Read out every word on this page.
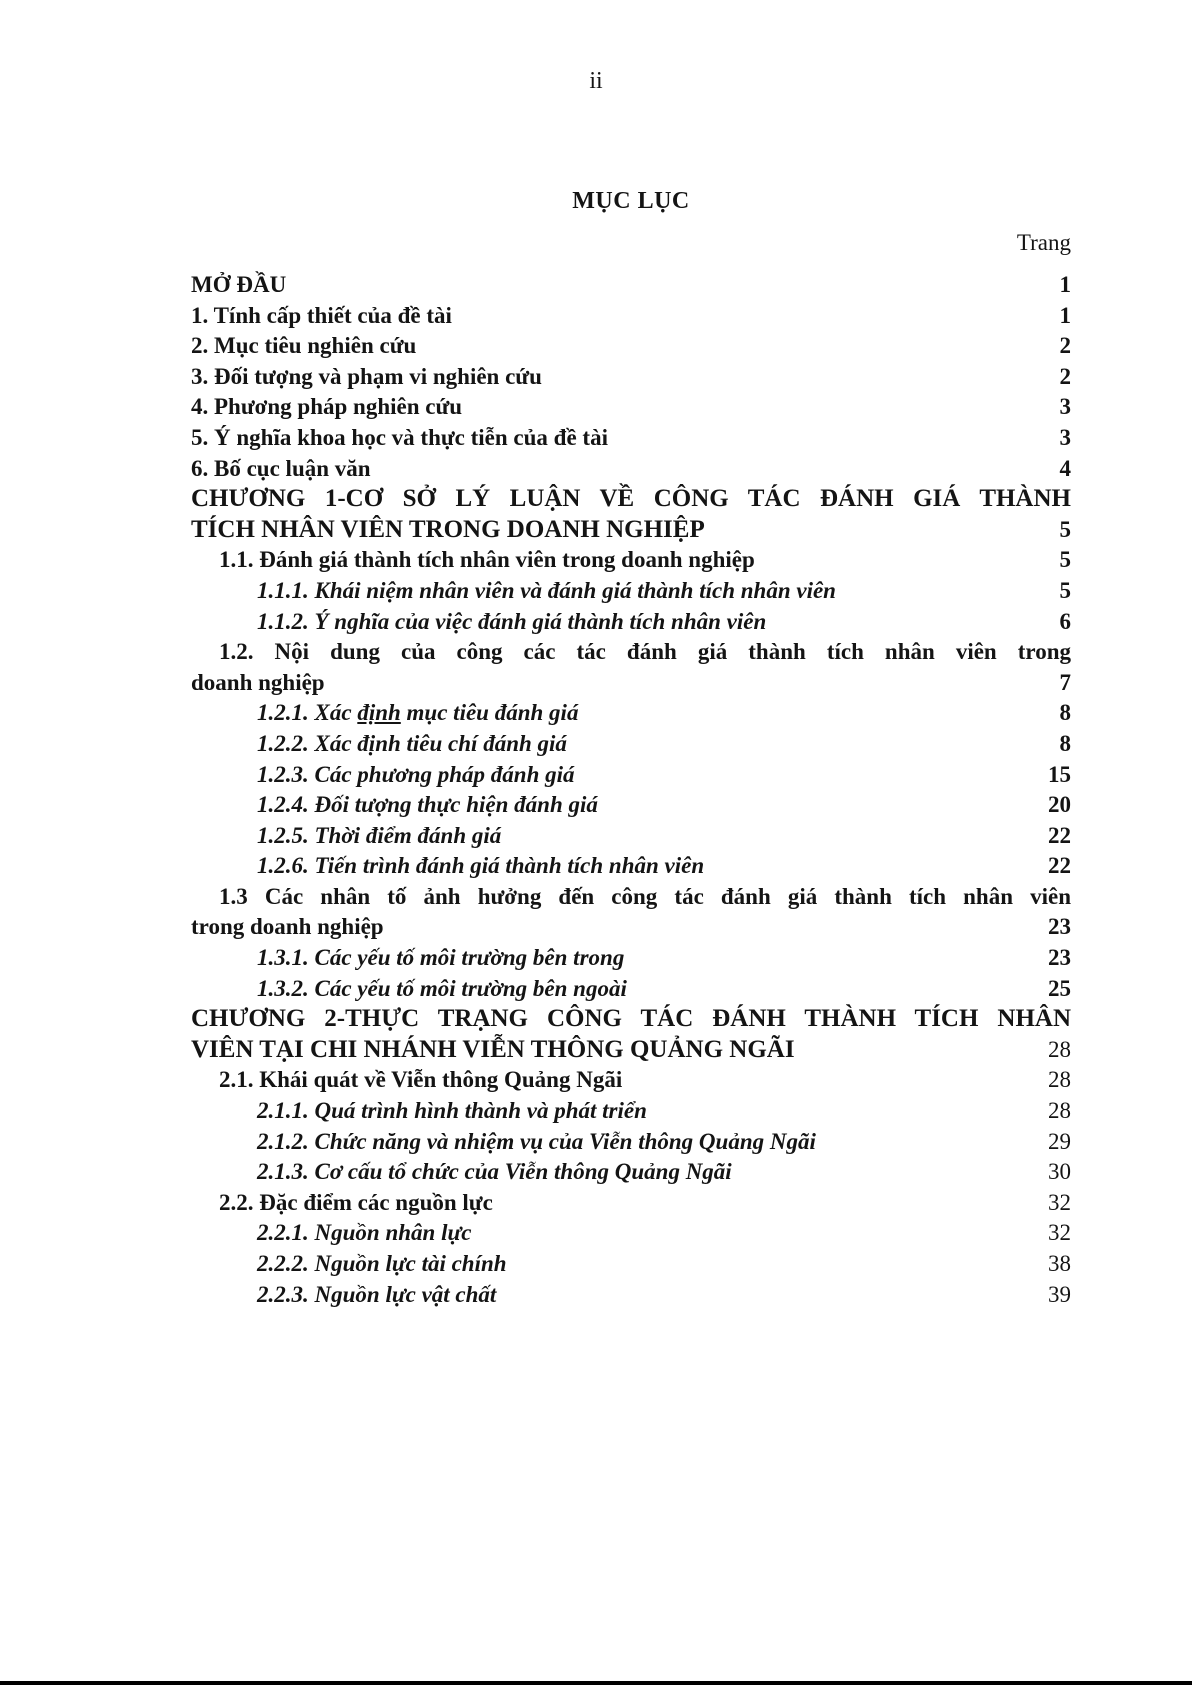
ii
MỤC LỤC
Trang
MỞ ĐẦU	1
1. Tính cấp thiết của đề tài	1
2. Mục tiêu nghiên cứu	2
3. Đối tượng và phạm vi nghiên cứu	2
4. Phương pháp nghiên cứu	3
5. Ý nghĩa khoa học và thực tiễn của đề tài	3
6. Bố cục luận văn	4
CHƯƠNG 1-CƠ SỞ LÝ LUẬN VỀ CÔNG TÁC ĐÁNH GIÁ THÀNH
TÍCH NHÂN VIÊN TRONG DOANH NGHIỆP	5
1.1. Đánh giá thành tích nhân viên trong doanh nghiệp	5
1.1.1. Khái niệm nhân viên và đánh giá thành tích nhân viên	5
1.1.2. Ý nghĩa của việc đánh giá thành tích nhân viên	6
1.2. Nội dung của công các tác đánh giá thành tích nhân viên trong
doanh nghiệp	7
1.2.1. Xác định mục tiêu đánh giá	8
1.2.2. Xác định tiêu chí đánh giá	8
1.2.3. Các phương pháp đánh giá	15
1.2.4. Đối tượng thực hiện đánh giá	20
1.2.5. Thời điểm đánh giá	22
1.2.6. Tiến trình đánh giá thành tích nhân viên	22
1.3 Các nhân tố ảnh hưởng đến công tác đánh giá thành tích nhân viên
trong doanh nghiệp	23
1.3.1. Các yếu tố môi trường bên trong	23
1.3.2. Các yếu tố môi trường bên ngoài	25
CHƯƠNG 2-THỰC TRẠNG CÔNG TÁC ĐÁNH THÀNH TÍCH NHÂN
VIÊN TẠI CHI NHÁNH VIỄN THÔNG QUẢNG NGÃI	28
2.1. Khái quát về Viễn thông Quảng Ngãi	28
2.1.1. Quá trình hình thành và phát triển	28
2.1.2. Chức năng và nhiệm vụ của Viễn thông Quảng Ngãi	29
2.1.3. Cơ cấu tổ chức của Viễn thông Quảng Ngãi	30
2.2. Đặc điểm các nguồn lực	32
2.2.1. Nguồn nhân lực	32
2.2.2. Nguồn lực tài chính	38
2.2.3. Nguồn lực vật chất	39
